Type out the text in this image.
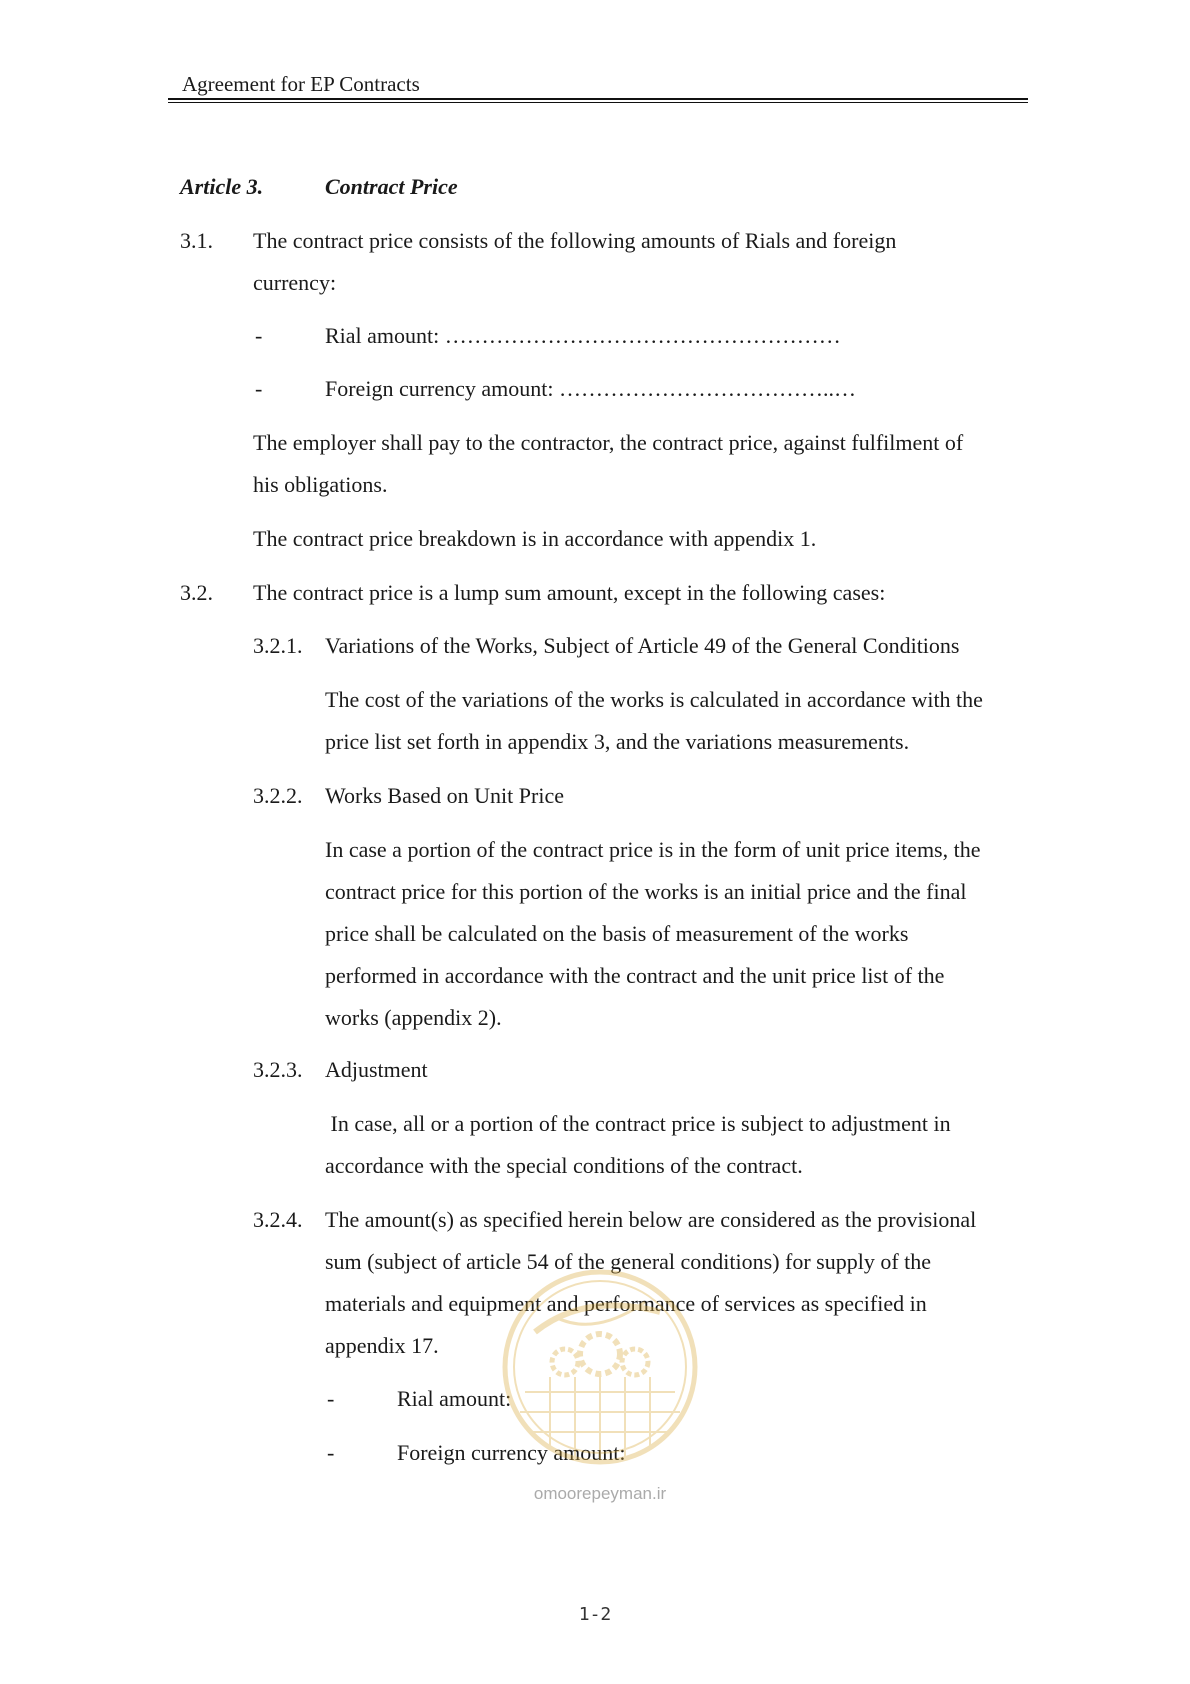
Agreement for EP Contracts
Article 3.	Contract Price
3.1. The contract price consists of the following amounts of Rials and foreign
currency:
-	Rial amount: ………………………………………………
-	Foreign currency amount: ………………………………..…
The employer shall pay to the contractor, the contract price, against fulfilment of
his obligations.
The contract price breakdown is in accordance with appendix 1.
3.2. The contract price is a lump sum amount, except in the following cases:
3.2.1. Variations of the Works, Subject of Article 49 of the General Conditions
The cost of the variations of the works is calculated in accordance with the
price list set forth in appendix 3, and the variations measurements.
3.2.2. Works Based on Unit Price
In case a portion of the contract price is in the form of unit price items, the
contract price for this portion of the works is an initial price and the final
price shall be calculated on the basis of measurement of the works
performed in accordance with the contract and the unit price list of the
works (appendix 2).
3.2.3. Adjustment
In case, all or a portion of the contract price is subject to adjustment in
accordance with the special conditions of the contract.
3.2.4. The amount(s) as specified herein below are considered as the provisional
sum (subject of article 54 of the general conditions) for supply of the
materials and equipment and performance of services as specified in
appendix 17.
-	Rial amount:
-	Foreign currency amount:
omoorepeyman.ir
1-2
